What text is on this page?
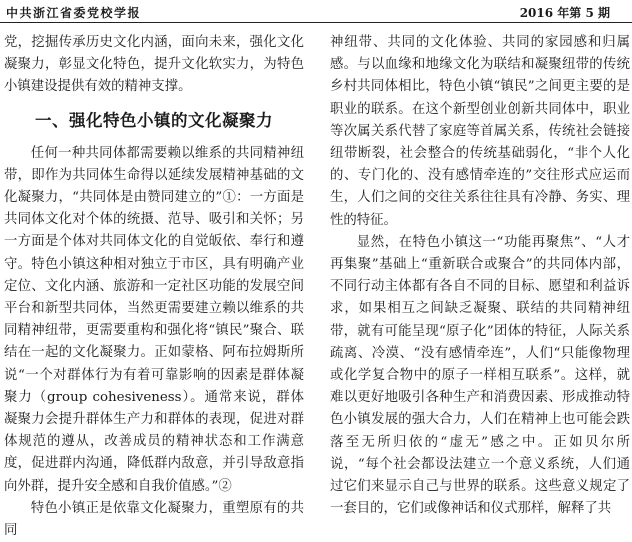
中共浙江省委党校学报	2016 年第 5 期

党，挖掘传承历史文化内涵，面向未来，强化文化凝聚力，彰显文化特色，提升文化软实力，为特色小镇建设提供有效的精神支撑。

一、强化特色小镇的文化凝聚力

任何一种共同体都需要赖以维系的共同精神纽带，即作为共同体生命得以延续发展精神基础的文化凝聚力，“共同体是由赞同建立的”①：一方面是共同体文化对个体的统摄、范导、吸引和关怀；另一方面是个体对共同体文化的自觉皈依、奉行和遵守。特色小镇这种相对独立于市区，具有明确产业定位、文化内涵、旅游和一定社区功能的发展空间平台和新型共同体，当然更需要建立赖以维系的共同精神纽带，更需要重构和强化将“镇民”聚合、联结在一起的文化凝聚力。正如蒙格、阿布拉姆斯所说“一个对群体行为有着可靠影响的因素是群体凝聚力（group cohesiveness）。通常来说，群体凝聚力会提升群体生产力和群体的表现，促进对群体规范的遵从，改善成员的精神状态和工作满意度，促进群内沟通，降低群内敌意，并引导敌意指向外群，提升安全感和自我价值感。”②

特色小镇正是依靠文化凝聚力，重塑原有的共同

神纽带、共同的文化体验、共同的家园感和归属感。与以血缘和地缘文化为联结和凝聚纽带的传统乡村共同体相比，特色小镇“镇民”之间更主要的是职业的联系。在这个新型创业创新共同体中，职业等次属关系代替了家庭等首属关系，传统社会链接纽带断裂，社会整合的传统基础弱化，“非个人化的、专门化的、没有感情牵连的”交往形式应运而生，人们之间的交往关系往往具有冷静、务实、理性的特征。

显然，在特色小镇这一“功能再聚焦”、“人才再集聚”基础上“重新联合或聚合”的共同体内部，不同行动主体都有各自不同的目标、愿望和利益诉求，如果相互之间缺乏凝聚、联结的共同精神纽带，就有可能呈现“原子化”团体的特征，人际关系疏离、冷漠、“没有感情牵连”，人们“只能像物理或化学复合物中的原子一样相互联系”。这样，就难以更好地吸引各种生产和消费因素、形成推动特色小镇发展的强大合力，人们在精神上也可能会跌落至无所归依的“虚无”感之中。正如贝尔所说，“每个社会都设法建立一个意义系统，人们通过它们来显示自己与世界的联系。这些意义规定了一套目的，它们或像神话和仪式那样，解释了共
